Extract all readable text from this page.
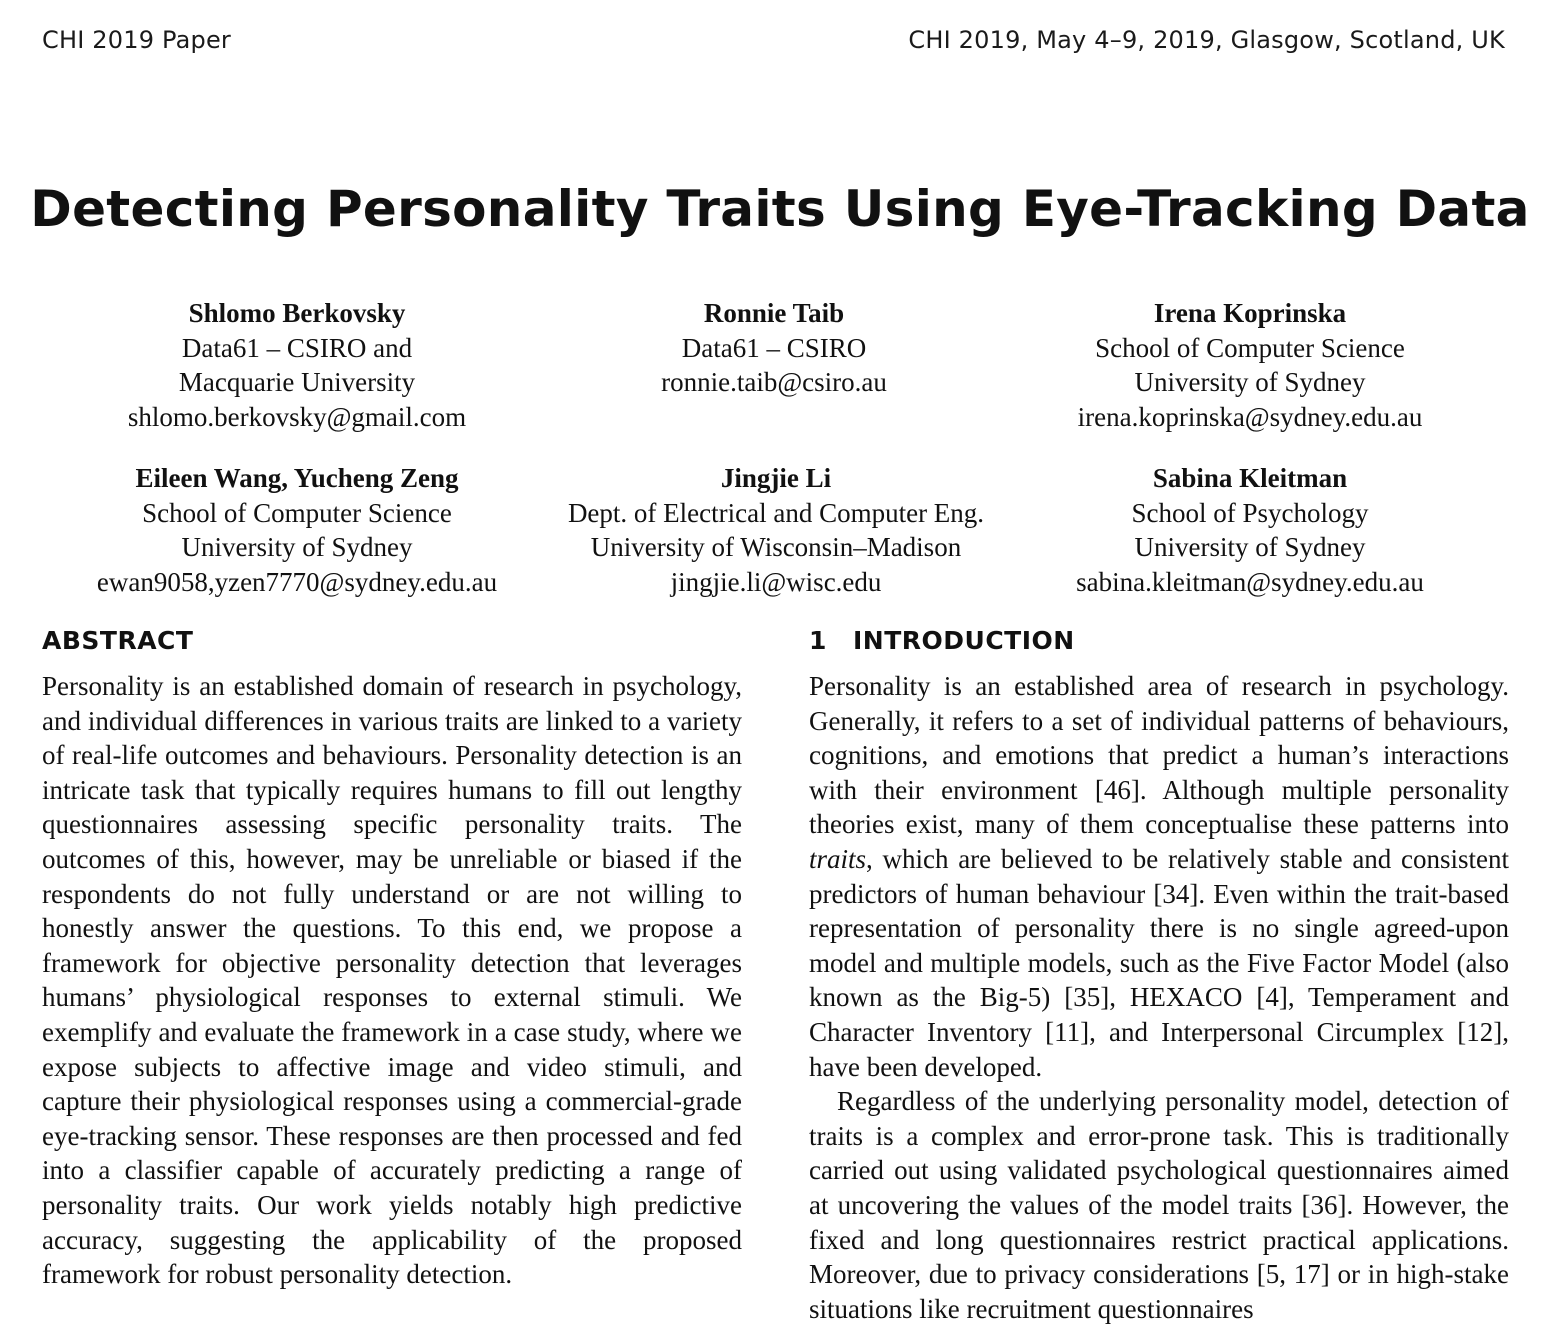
CHI 2019 Paper	CHI 2019, May 4–9, 2019, Glasgow, Scotland, UK
Detecting Personality Traits Using Eye-Tracking Data
Shlomo Berkovsky
Data61 – CSIRO and
Macquarie University
shlomo.berkovsky@gmail.com
Ronnie Taib
Data61 – CSIRO
ronnie.taib@csiro.au
Irena Koprinska
School of Computer Science
University of Sydney
irena.koprinska@sydney.edu.au
Eileen Wang, Yucheng Zeng
School of Computer Science
University of Sydney
ewan9058,yzen7770@sydney.edu.au
Jingjie Li
Dept. of Electrical and Computer Eng.
University of Wisconsin–Madison
jingjie.li@wisc.edu
Sabina Kleitman
School of Psychology
University of Sydney
sabina.kleitman@sydney.edu.au
ABSTRACT

Personality is an established domain of research in psychology, and individual differences in various traits are linked to a variety of real-life outcomes and behaviours. Personality detection is an intricate task that typically requires humans to fill out lengthy questionnaires assessing specific personality traits. The outcomes of this, however, may be unreliable or biased if the respondents do not fully understand or are not willing to honestly answer the questions. To this end, we propose a framework for objective personality detection that leverages humans’ physiological responses to external stimuli. We exemplify and evaluate the framework in a case study, where we expose subjects to affective image and video stimuli, and capture their physiological responses using a commercial-grade eye-tracking sensor. These responses are then processed and fed into a classifier capable of accurately predicting a range of personality traits. Our work yields notably high predictive accuracy, suggesting the applicability of the proposed framework for robust personality detection.

1 INTRODUCTION

Personality is an established area of research in psychology. Generally, it refers to a set of individual patterns of behaviours, cognitions, and emotions that predict a human’s interactions with their environment [46]. Although multiple personality theories exist, many of them conceptualise these patterns into traits, which are believed to be relatively stable and consistent predictors of human behaviour [34]. Even within the trait-based representation of personality there is no single agreed-upon model and multiple models, such as the Five Factor Model (also known as the Big-5) [35], HEXACO [4], Temperament and Character Inventory [11], and Interpersonal Circumplex [12], have been developed.

Regardless of the underlying personality model, detection of traits is a complex and error-prone task. This is traditionally carried out using validated psychological questionnaires aimed at uncovering the values of the model traits [36]. However, the fixed and long questionnaires restrict practical applications. Moreover, due to privacy considerations [5, 17] or in high-stake situations like recruitment questionnaires
